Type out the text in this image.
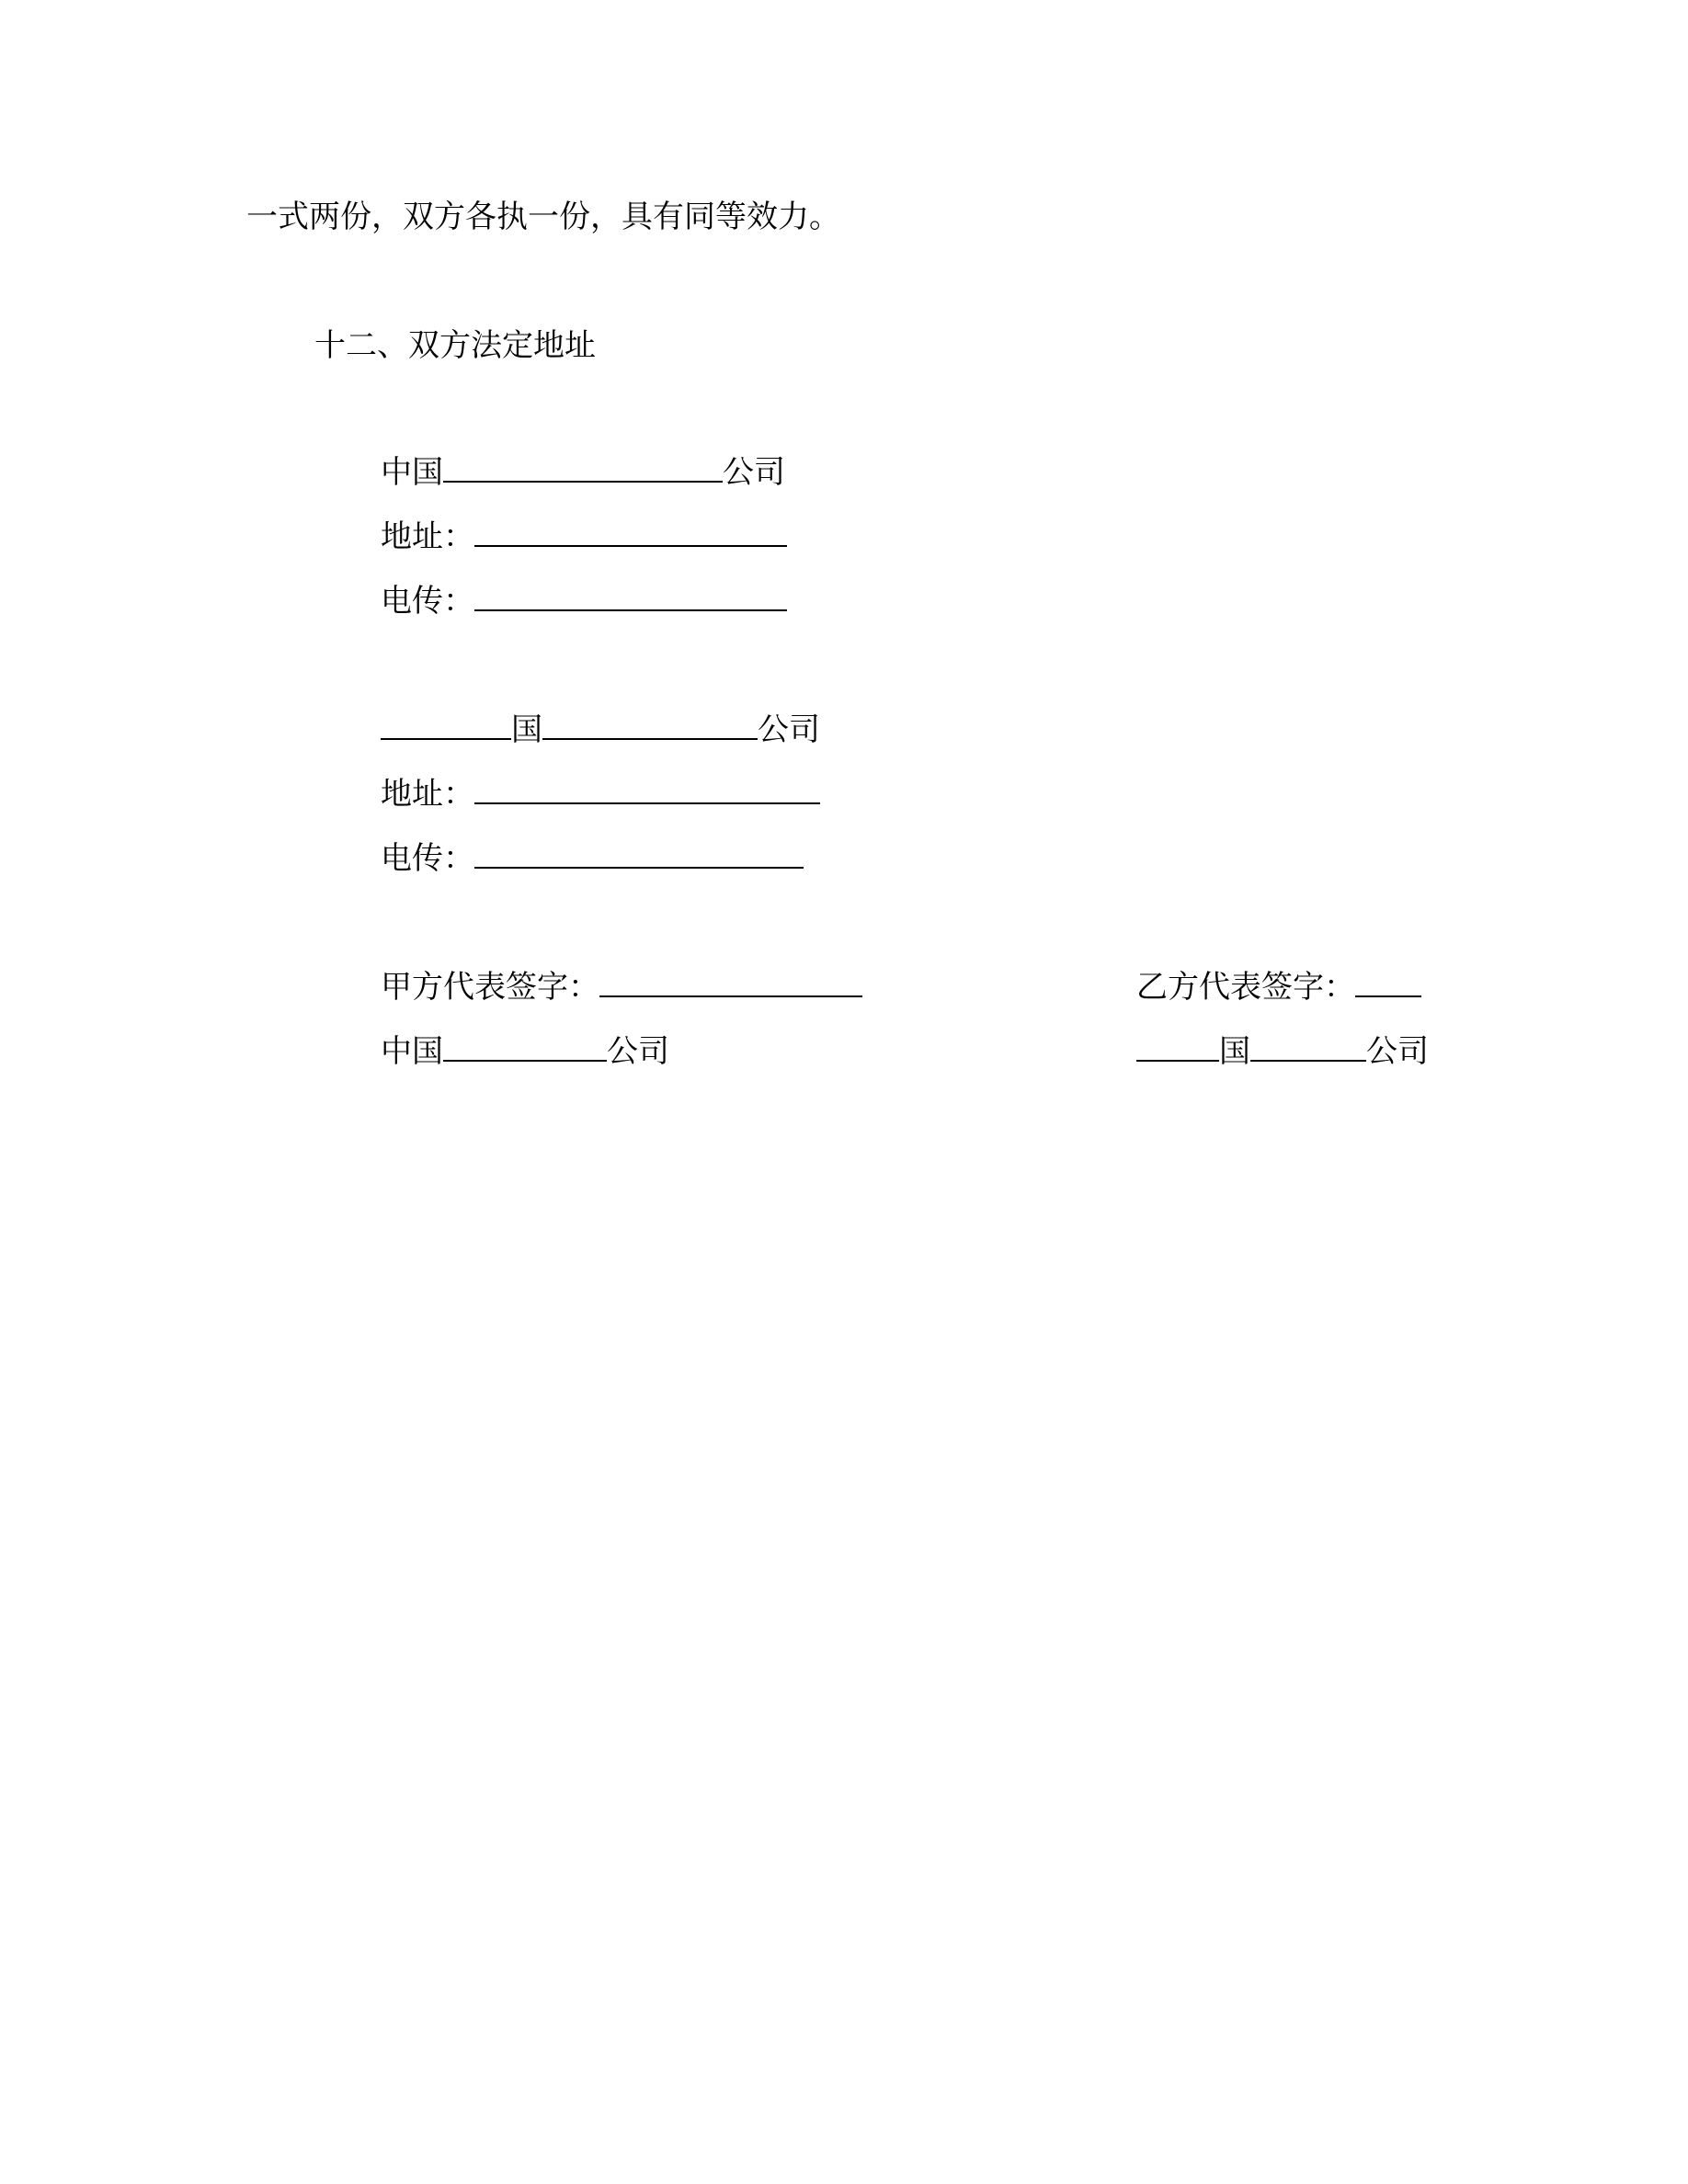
一式两份，双方各执一份，具有同等效力。
十二、双方法定地址
中国	公司
地址：
电传：
国	公司
地址：
电传：
甲方代表签字：	乙方代表签字：
中国	公司	国	公司
